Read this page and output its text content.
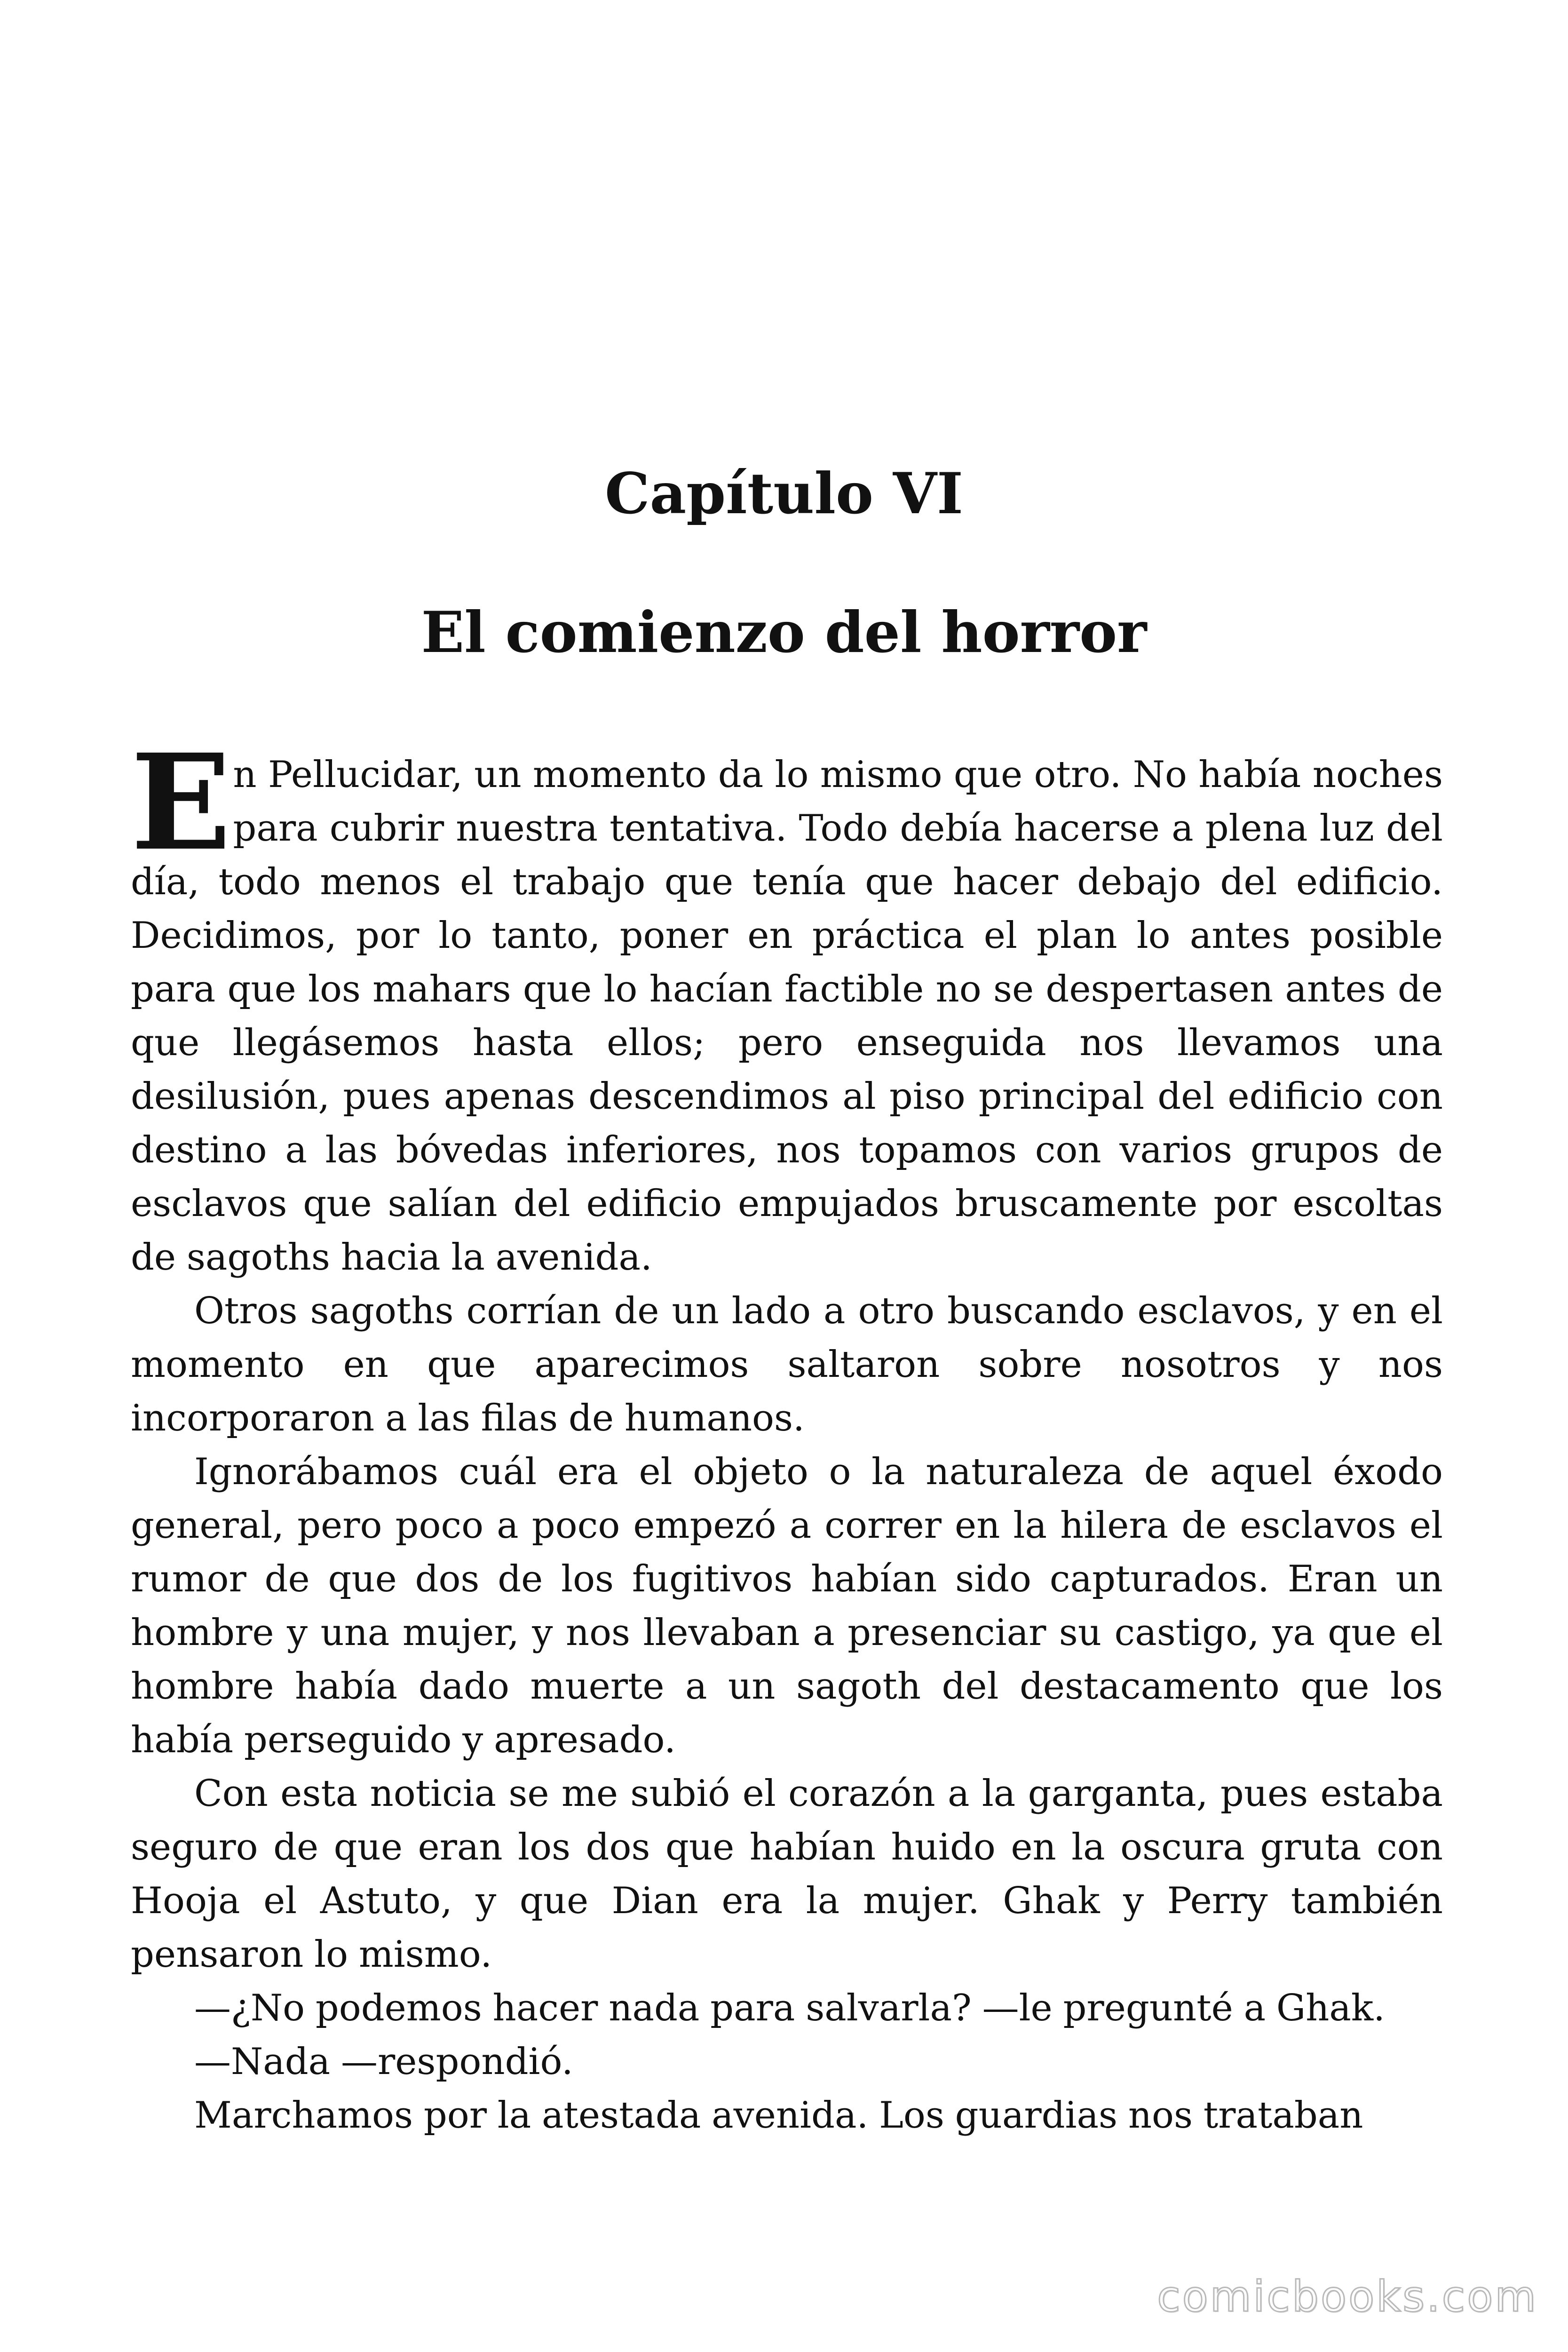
Capítulo VI
El comienzo del horror

En Pellucidar, un momento da lo mismo que otro. No había noches para cubrir nuestra tentativa. Todo debía hacerse a plena luz del día, todo menos el trabajo que tenía que hacer debajo del edificio. Decidimos, por lo tanto, poner en práctica el plan lo antes posible para que los mahars que lo hacían factible no se despertasen antes de que llegásemos hasta ellos; pero enseguida nos llevamos una desilusión, pues apenas descendimos al piso principal del edificio con destino a las bóvedas inferiores, nos topamos con varios grupos de esclavos que salían del edificio empujados bruscamente por escoltas de sagoths hacia la avenida.

Otros sagoths corrían de un lado a otro buscando esclavos, y en el momento en que aparecimos saltaron sobre nosotros y nos incorporaron a las filas de humanos.

Ignorábamos cuál era el objeto o la naturaleza de aquel éxodo general, pero poco a poco empezó a correr en la hilera de esclavos el rumor de que dos de los fugitivos habían sido capturados. Eran un hombre y una mujer, y nos llevaban a presenciar su castigo, ya que el hombre había dado muerte a un sagoth del destacamento que los había perseguido y apresado.

Con esta noticia se me subió el corazón a la garganta, pues estaba seguro de que eran los dos que habían huido en la oscura gruta con Hooja el Astuto, y que Dian era la mujer. Ghak y Perry también pensaron lo mismo.

—¿No podemos hacer nada para salvarla? —le pregunté a Ghak.

—Nada —respondió.

Marchamos por la atestada avenida. Los guardias nos trataban

comicbooks.com
